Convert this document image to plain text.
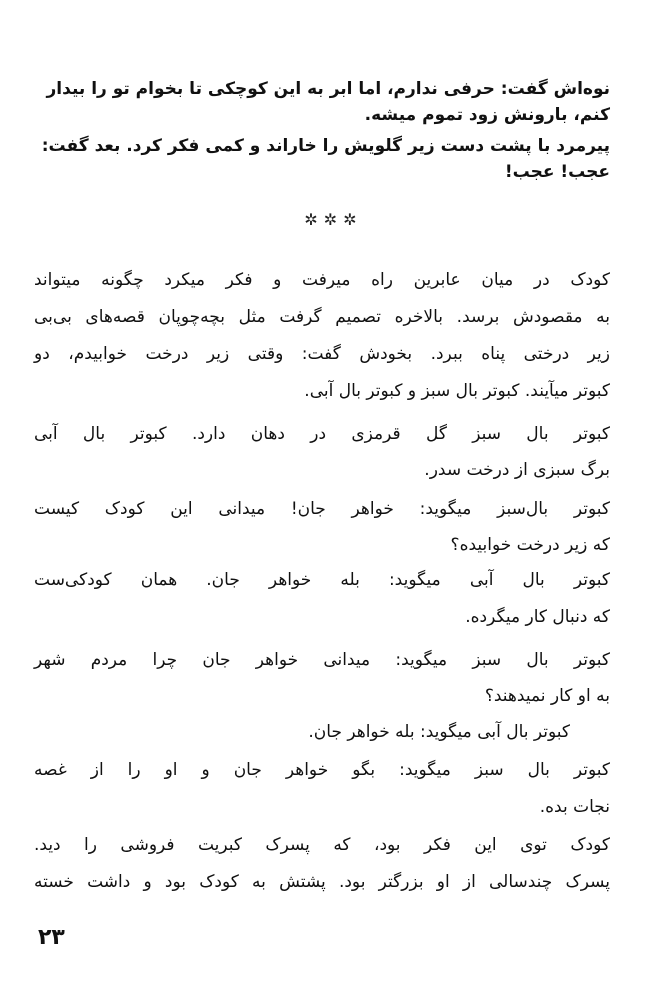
نوه‌اش گفت: حرفی ندارم، اما ابر به این کوچکی تا بخوام تو را بیدار
کنم، بارونش زود تموم میشه.
پیرمرد با پشت دست زیر گلویش را خاراند و کمی فکر کرد. بعد گفت:
عجب! عجب!
✲✲✲
کودک در میان عابرین راه میرفت و فکر میکرد چگونه میتواند
به مقصودش برسد. بالاخره تصمیم گرفت مثل بچه‌چوپان قصه‌های بی‌بی
زیر درختی پناه ببرد. بخودش گفت: وقتی زیر درخت خوابیدم، دو
کبوتر میآیند. کبوتر بال سبز و کبوتر بال آبی.
کبوتر بال سبز گل قرمزی در دهان دارد. کبوتر بال آبی
برگ سبزی از درخت سدر.
کبوتر بال‌سبز میگوید: خواهر جان! میدانی این کودک کیست
که زیر درخت خوابیده؟
کبوتر بال آبی میگوید: بله خواهر جان. همان کودکی‌ست
که دنبال کار میگرده.
کبوتر بال سبز میگوید: میدانی خواهر جان چرا مردم شهر
به او کار نمیدهند؟
کبوتر بال آبی میگوید: بله خواهر جان.
کبوتر بال سبز میگوید: بگو خواهر جان و او را از غصه
نجات بده.
کودک توی این فکر بود، که پسرک کبریت فروشی را دید.
پسرک چندسالی از او بزرگتر بود. پشتش به کودک بود و داشت خسته
۲۳
